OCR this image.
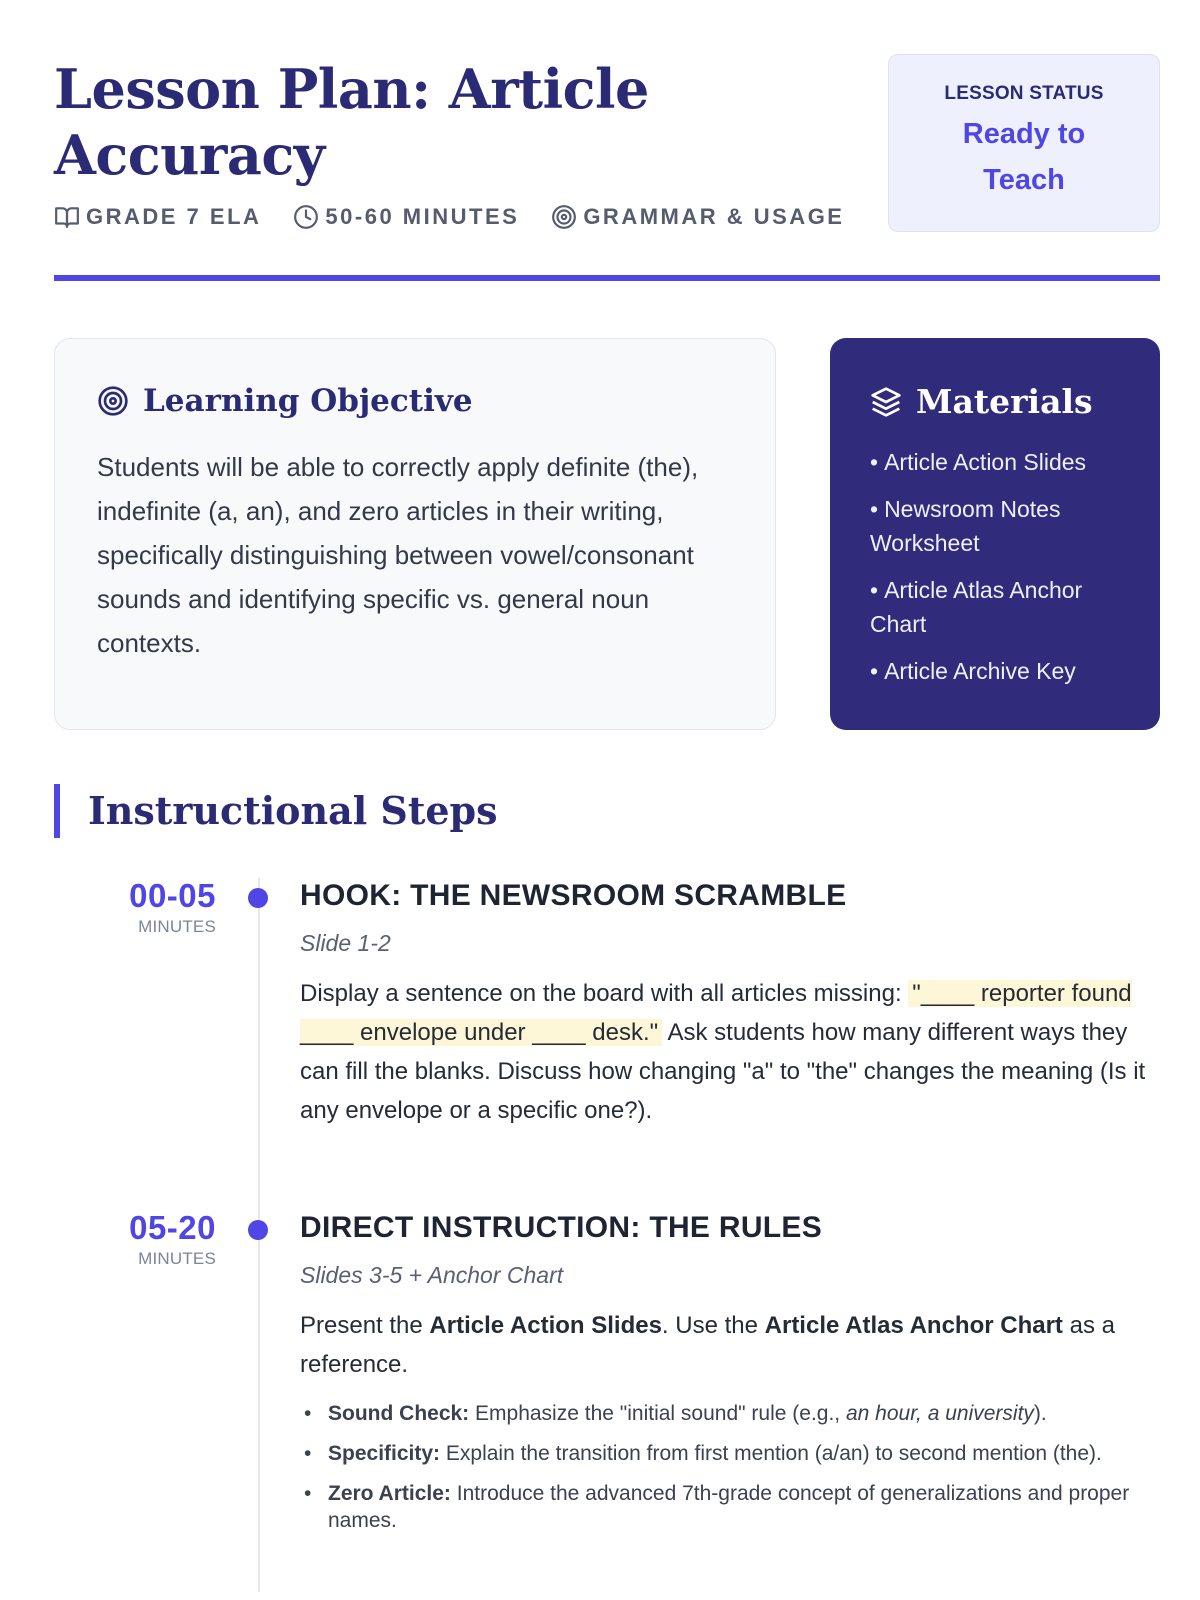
Lesson Plan: Article Accuracy
GRADE 7 ELA	50-60 MINUTES	GRAMMAR & USAGE
LESSON STATUS
Ready to Teach
Learning Objective

Students will be able to correctly apply definite (the), indefinite (a, an), and zero articles in their writing, specifically distinguishing between vowel/consonant sounds and identifying specific vs. general noun contexts.

Materials
• Article Action Slides
• Newsroom Notes Worksheet
• Article Atlas Anchor Chart
• Article Archive Key
Instructional Steps
00-05
MINUTES
HOOK: THE NEWSROOM SCRAMBLE
Slide 1-2

Display a sentence on the board with all articles missing: "____ reporter found ____ envelope under ____ desk." Ask students how many different ways they can fill the blanks. Discuss how changing "a" to "the" changes the meaning (Is it any envelope or a specific one?).

05-20
MINUTES
DIRECT INSTRUCTION: THE RULES
Slides 3-5 + Anchor Chart

Present the Article Action Slides. Use the Article Atlas Anchor Chart as a reference.

• Sound Check: Emphasize the "initial sound" rule (e.g., an hour, a university).
• Specificity: Explain the transition from first mention (a/an) to second mention (the).
• Zero Article: Introduce the advanced 7th-grade concept of generalizations and proper names.
